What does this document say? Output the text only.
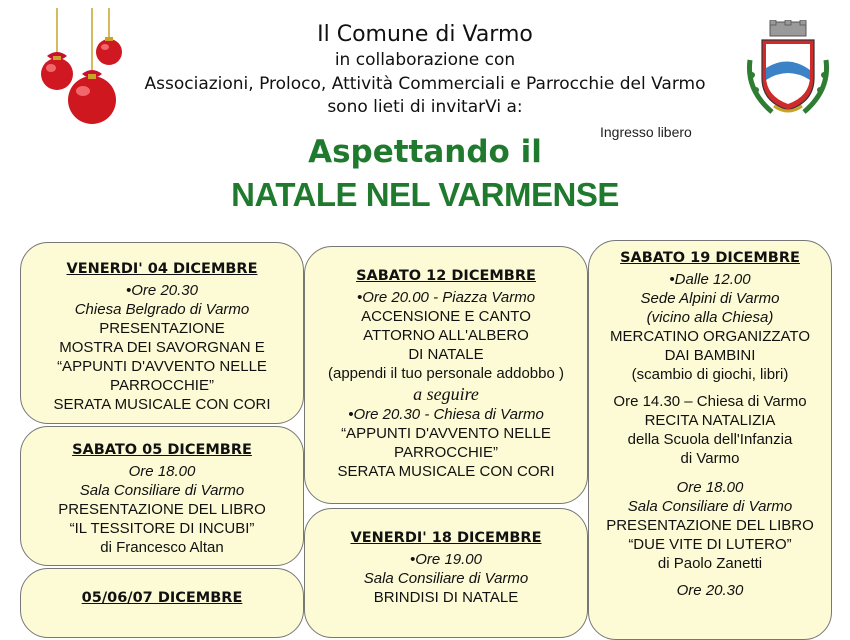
Il Comune di Varmo
in collaborazione con
Associazioni, Proloco, Attività Commerciali e Parrocchie del Varmo
sono lieti di invitarVi a:
Ingresso libero
Aspettando il
NATALE NEL VARMENSE
VENERDI' 04 DICEMBRE
•Ore 20.30
Chiesa Belgrado di Varmo
PRESENTAZIONE
MOSTRA DEI SAVORGNAN E
“APPUNTI D'AVVENTO NELLE
PARROCCHIE”
SERATA MUSICALE CON CORI
SABATO 05 DICEMBRE
Ore 18.00
Sala Consiliare di Varmo
PRESENTAZIONE DEL LIBRO
“IL TESSITORE DI INCUBI”
di Francesco Altan
05/06/07 DICEMBRE
SABATO 12 DICEMBRE
•Ore 20.00 - Piazza Varmo
ACCENSIONE E CANTO
ATTORNO ALL'ALBERO
DI NATALE
(appendi il tuo personale addobbo )
a seguire
•Ore 20.30 - Chiesa di Varmo
“APPUNTI D'AVVENTO NELLE
PARROCCHIE”
SERATA MUSICALE CON CORI
VENERDI' 18 DICEMBRE
•Ore 19.00
Sala Consiliare di Varmo
BRINDISI DI NATALE
SABATO 19 DICEMBRE
•Dalle 12.00
Sede Alpini di Varmo
(vicino alla Chiesa)
MERCATINO ORGANIZZATO
DAI BAMBINI
(scambio di giochi, libri)
Ore 14.30 – Chiesa di Varmo
RECITA NATALIZIA
della Scuola dell'Infanzia
di Varmo
Ore 18.00
Sala Consiliare di Varmo
PRESENTAZIONE DEL LIBRO
“DUE VITE DI LUTERO”
di Paolo Zanetti
Ore 20.30
